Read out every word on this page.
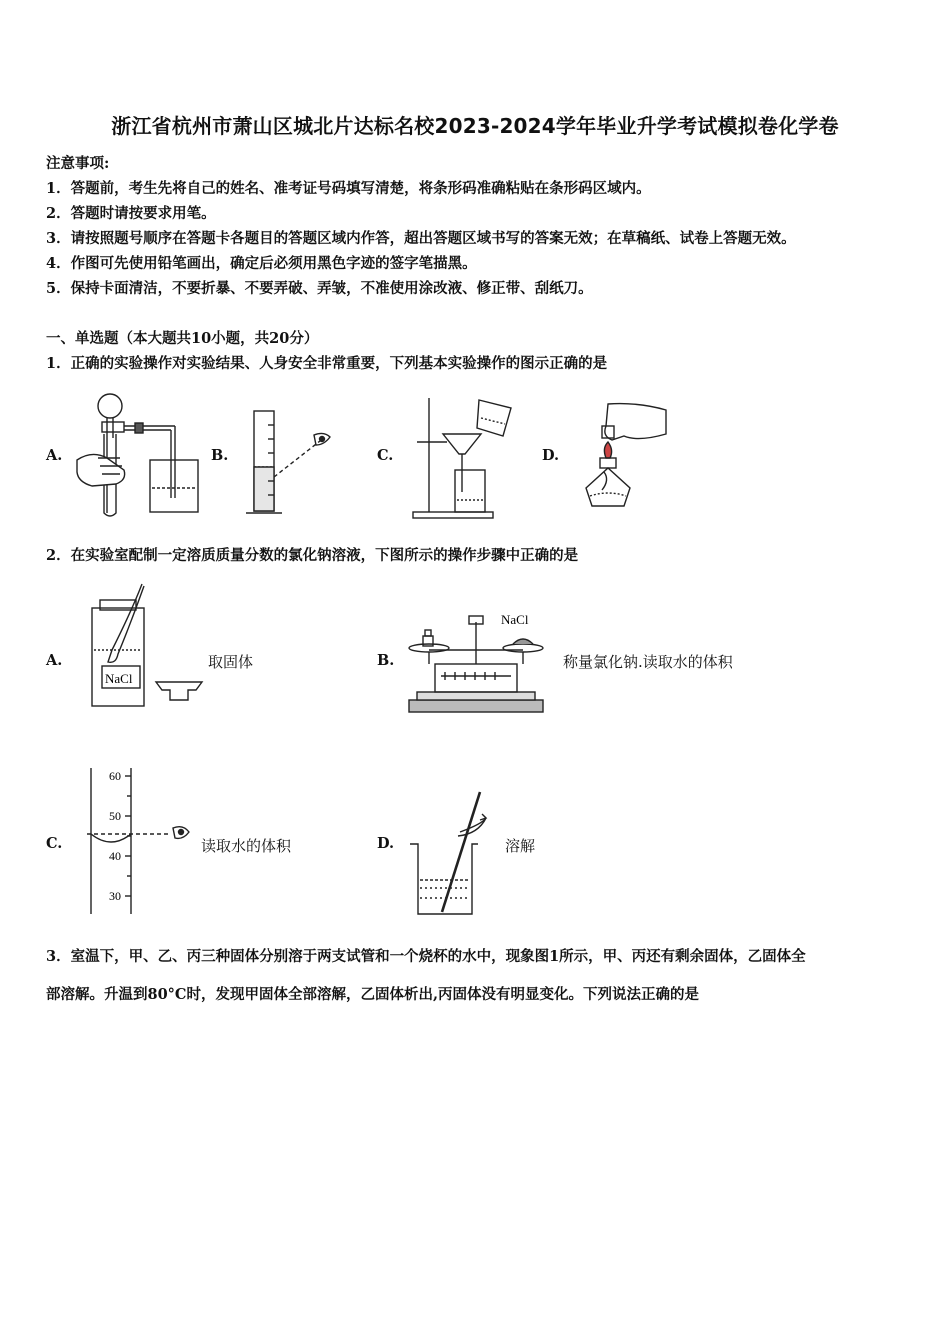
浙江省杭州市萧山区城北片达标名校2023-2024学年毕业升学考试模拟卷化学卷
注意事项:
1．答题前，考生先将自己的姓名、准考证号码填写清楚，将条形码准确粘贴在条形码区域内。
2．答题时请按要求用笔。
3．请按照题号顺序在答题卡各题目的答题区域内作答，超出答题区域书写的答案无效；在草稿纸、试卷上答题无效。
4．作图可先使用铅笔画出，确定后必须用黑色字迹的签字笔描黑。
5．保持卡面清洁，不要折暴、不要弄破、弄皱，不准使用涂改液、修正带、刮纸刀。
一、单选题（本大题共10小题，共20分）
1．正确的实验操作对实验结果、人身安全非常重要，下列基本实验操作的图示正确的是
A.	B.	C.	D.
2．在实验室配制一定溶质质量分数的氯化钠溶液，下图所示的操作步骤中正确的是
A.
NaCl
取固体	B.
NaCl
称量氯化钠.读取水的体积
C.
60
50
40
30
读取水的体积	D.	溶解
3．室温下，甲、乙、丙三种固体分别溶于两支试管和一个烧杯的水中，现象图1所示，甲、丙还有剩余固体，乙固体全
部溶解。升温到80°C时，发现甲固体全部溶解，乙固体析出,丙固体没有明显变化。下列说法正确的是
